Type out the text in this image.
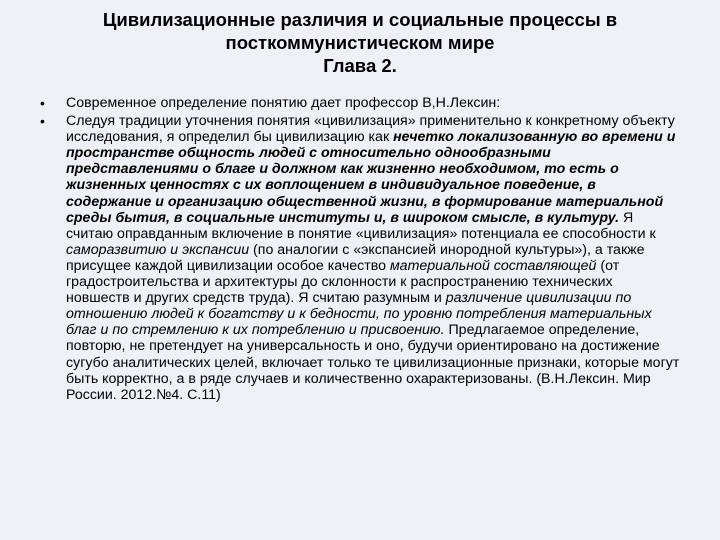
Цивилизационные различия и социальные процессы в
посткоммунистическом мире
Глава 2.
• Современное определение понятию дает профессор В,Н.Лексин:
• Следуя традиции уточнения понятия «цивилизация» применительно к конкретному объекту исследования, я определил бы цивилизацию как нечетко локализованную во времени и пространстве общность людей с относительно однообразными представлениями о благе и должном как жизненно необходимом, то есть о жизненных ценностях с их воплощением в индивидуальное поведение, в содержание и организацию общественной жизни, в формирование материальной среды бытия, в социальные институты и, в широком смысле, в культуру. Я считаю оправданным включение в понятие «цивилизация» потенциала ее способности к саморазвитию и экспансии (по аналогии с «экспансией инородной культуры»), а также присущее каждой цивилизации особое качество материальной составляющей (от градостроительства и архитектуры до склонности к распространению технических новшеств и других средств труда). Я считаю разумным и различение цивилизации по отношению людей к богатству и к бедности, по уровню потребления материальных благ и по стремлению к их потреблению и присвоению. Предлагаемое определение, повторю, не претендует на универсальность и оно, будучи ориентировано на достижение сугубо аналитических целей, включает только те цивилизационные признаки, которые могут быть корректно, а в ряде случаев и количественно охарактеризованы. (В.Н.Лексин. Мир России. 2012.№4. С.11)
